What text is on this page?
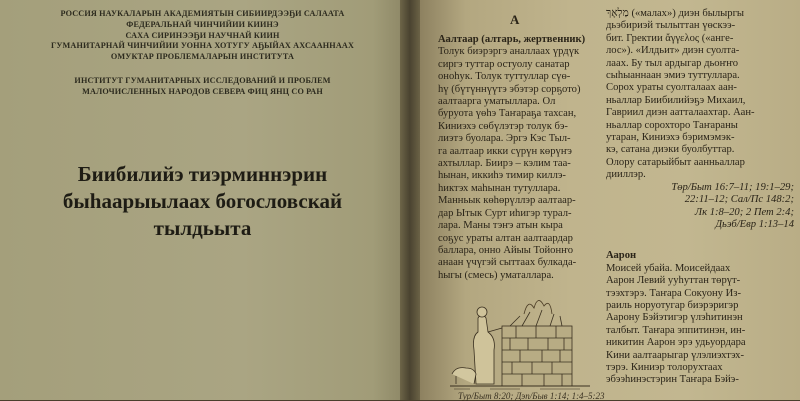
РОССИЯ НАУКАЛАРЫН АКАДЕМИЯТЫН СИБИИРДЭЭҔИ САЛААТА
ФЕДЕРАЛЬНАЙ ЧИНЧИЙИИ КИИНЭ
САХА СИРИНЭЭҔИ НАУЧНАЙ КИИН
ГУМАНИТАРНАЙ ЧИНЧИЙИИ УОННА ХОТУГУ АҔЫЙАХ АХСААННААХ
ОМУКТАР ПРОБЛЕМАЛАРЫН ИНСТИТУТА
ИНСТИТУТ ГУМАНИТАРНЫХ ИССЛЕДОВАНИЙ И ПРОБЛЕМ
МАЛОЧИСЛЕННЫХ НАРОДОВ СЕВЕРА ФИЦ ЯНЦ СО РАН
Биибилийэ тиэрминнэрин
быһаарыылаах богословскай
тылдьыта
А
Аалтаар (алтарь, жертвенник)
Толук биэрэргэ аналлаах үрдүк
сиргэ туттар остуолу санатар
оноһук. Толук туттуллар сүө-
һү (бүтүннүүтэ эбэтэр сорҕото)
аалтаарга уматыллара. Ол
буруота үөһэ Таҥараҕа тахсан,
Киниэхэ сөбүлэтэр толук бэ-
лиэтэ буолара. Эргэ Кэс Тыл-
га аалтаар икки сүрүн көрүҥэ
ахтыллар. Биирэ – кэлим таа-
һынан, иккиһэ тимир киллэ-
һиктэх маһынан тутуллара.
Манньык көһөрүллэр аалтаар-
дар Ытык Сурт иһигэр турал-
лара. Маны тэҥэ атын кыра
соҕус ураты алтан аалтаардар
баллара, онно Айыы Тойонҥо
анаан үчүгэй сыттаах булкада-
һыгы (смесь) уматаллара.
Тур/Быт 8:20; Дэп/Быв 1:14; 1:4–5:23
מַלְאָךְ («малах») диэн былыргы
дьэбириэй тылыттан үөскээ-
бит. Гректии ἄγγελος («анге-
лос»). «Илдьит» диэн суолта-
лаах. Бу тыл ардыгар дьоҥҥо
сыһыаннаан эмиэ туттуллара.
Сорох ураты суолталаах аан-
ньаллар Биибилийэҕэ Михаил,
Гавриил диэн аатталаахтар. Аан-
ньаллар сорохторо Таҥараны
утаран, Киниэхэ бэримэмэк-
кэ, сатана диэки буолбуттар.
Олору сатарыйбыт аанньаллар
дииллэр.
Төр/Быт 16:7–11; 19:1–29;
22:11–12; Сал/Пс 148:2;
Лк 1:8–20; 2 Пет 2:4;
Дьэб/Евр 1:13–14
Аарон
Моисей убайа. Моисейдаах
Аарон Левий ууһуттан төрүт-
тээхтэрэ. Таҥара Сокуону Из-
раиль норуотугар биэрэригэр
Аарону Бэйэтигэр үлэһитинэн
талбыт. Таҥара эппитинэн, ин-
никитин Аарон эрэ удьуордара
Кини аалтаарыгар үлэлиэхтэх-
тэрэ. Киниэр толорухтаах
эбээһинэстэрин Таҥара Бэйэ-
